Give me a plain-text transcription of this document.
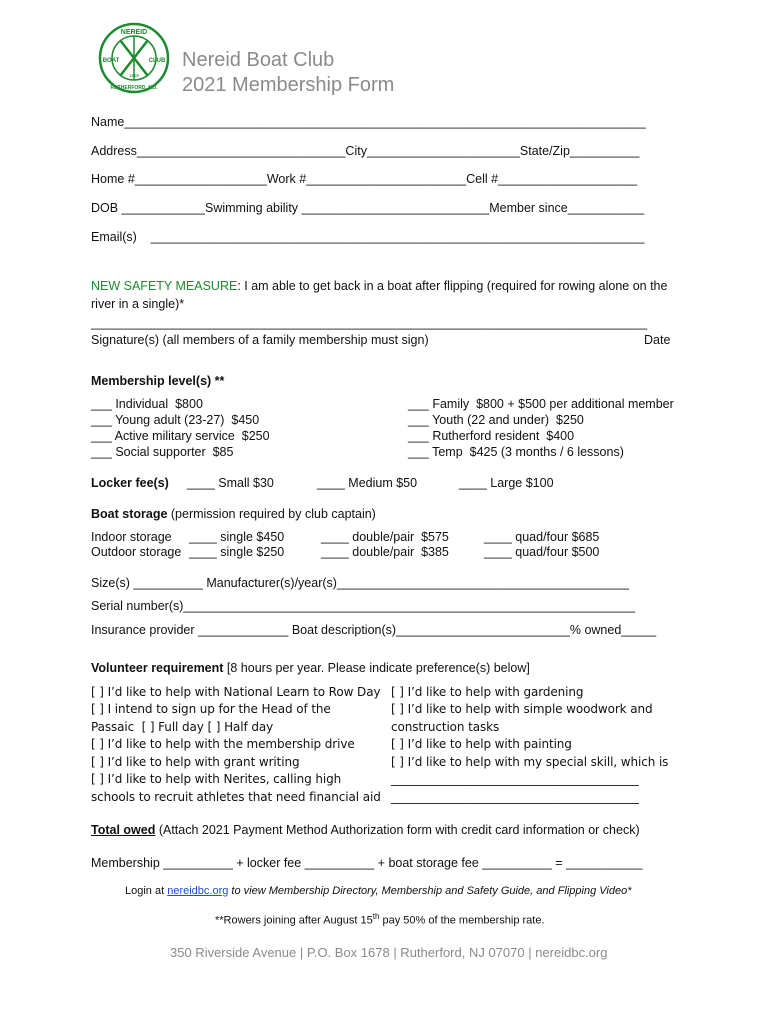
NEREID
BOAT	CLUB
1866
RUTHERFORD, N.J.
Nereid Boat Club
2021 Membership Form
Name___________________________________________________________________________
Address______________________________City______________________State/Zip__________
Home #___________________Work #_______________________Cell #____________________
DOB ____________Swimming ability ___________________________Member since___________
Email(s)    _______________________________________________________________________
NEW SAFETY MEASURE: I am able to get back in a boat after flipping (required for rowing alone on the
river in a single)*
________________________________________________________________________________
Signature(s) (all members of a family membership must sign)	Date
Membership level(s) **
___ Individual  $800
___ Young adult (23-27)  $450
___ Active military service  $250
___ Social supporter  $85
___ Family  $800 + $500 per additional member
___ Youth (22 and under)  $250
___ Rutherford resident  $400
___ Temp  $425 (3 months / 6 lessons)
Locker fee(s) ____ Small $30	____ Medium $50	____ Large $100
Boat storage (permission required by club captain)
Indoor storage ____ single $450	____ double/pair  $575	____ quad/four $685
Outdoor storage ____ single $250	____ double/pair  $385	____ quad/four $500
Size(s) __________ Manufacturer(s)/year(s)__________________________________________
Serial number(s)_________________________________________________________________
Insurance provider _____________ Boat description(s)_________________________% owned_____
Volunteer requirement [8 hours per year. Please indicate preference(s) below]
[ ] I’d like to help with National Learn to Row Day
[ ] I intend to sign up for the Head of the
Passaic  [ ] Full day [ ] Half day
[ ] I’d like to help with the membership drive
[ ] I’d like to help with grant writing
[ ] I’d like to help with Nerites, calling high
schools to recruit athletes that need financial aid
[ ] I’d like to help with gardening
[ ] I’d like to help with simple woodwork and
construction tasks
[ ] I’d like to help with painting
[ ] I’d like to help with my special skill, which is
__________________________________________
__________________________________________
Total owed (Attach 2021 Payment Method Authorization form with credit card information or check)
Membership __________ + locker fee __________ + boat storage fee __________ = ___________
Login at nereidbc.org to view Membership Directory, Membership and Safety Guide, and Flipping Video*
**Rowers joining after August 15th pay 50% of the membership rate.
350 Riverside Avenue | P.O. Box 1678 | Rutherford, NJ 07070 | nereidbc.org
